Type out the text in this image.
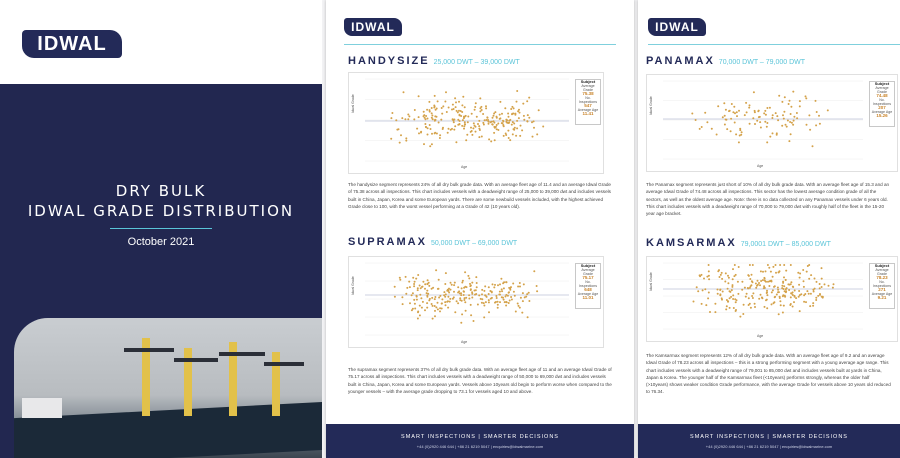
IDWAL
DRY BULK
IDWAL GRADE DISTRIBUTION
October 2021
IDWAL
HANDYSIZE 25,000 DWT – 39,000 DWT
Subject
Average Grade
75.38
No. Inspections
547
Average Age
11.41
Idwal Grade
Age

The handysize segment represents 24% of all dry bulk grade data. With an average fleet age of 11.4 and an average Idwal Grade of 75.38 across all inspections. This chart includes vessels with a deadweight range of 25,000 to 39,000 dwt and includes vessels built in China, Japan, Korea and some European yards. There are some newbuild vessels included, with the highest achieved Grade close to 100, with the worst vessel performing at a Grade of 42 (10 years old).

SUPRAMAX 50,000 DWT – 69,000 DWT
Subject
Average Grade
75.17
No. Inspections
648
Average Age
11.01
Idwal Grade
Age

The supramax segment represents 37% of all dry bulk grade data. With an average fleet age of 11 and an average Idwal Grade of 75.17 across all inspections. This chart includes vessels with a deadweight range of 50,000 to 69,000 dwt and includes vessels built in China, Japan, Korea and some European yards. Vessels above 10years old begin to perform worse when compared to the younger vessels – with the average grade dropping to 73.1 for vessels aged 10 and above.

SMART INSPECTIONS | SMARTER DECISIONS
+44 (0)2920 446 644 | +86 21 6219 5047 | enquiries@idwalmarine.com
IDWAL
PANAMAX 70,000 DWT – 79,000 DWT
Subject
Average Grade
74.48
No. Inspections
207
Average Age
15.26
Idwal Grade
Age

The Panamax segment represents just short of 10% of all dry bulk grade data. With an average fleet age of 15.3 and an average Idwal Grade of 74.48 across all inspections. This sector has the lowest average condition grade of all the sectors, as well as the oldest average age. Note: there is no data collected on any Panamax vessels under 6 years old. This chart includes vessels with a deadweight range of 70,000 to 79,000 dwt with roughly half of the fleet in the 15-20 year age bracket.

KAMSARMAX 79,0001 DWT – 85,000 DWT
Subject
Average Grade
78.23
No. Inspections
271
Average Age
9.21
Idwal Grade
Age

The Kamsarmax segment represents 12% of all dry bulk grade data. With an average fleet age of 9.2 and an average Idwal Grade of 78.23 across all inspections – this is a strong performing segment with a young average age range. This chart includes vessels with a deadweight range of 79,001 to 85,000 dwt and includes vessels built at yards in China, Japan & Korea. The younger half of the Kamsarmax fleet (<10years) performs strongly, whereas the older half (>10years) shows weaker condition Grade performance, with the average Grade for vessels above 10 years old reduced to 76.34.

SMART INSPECTIONS | SMARTER DECISIONS
+44 (0)2920 446 644 | +86 21 6219 5047 | enquiries@idwalmarine.com
